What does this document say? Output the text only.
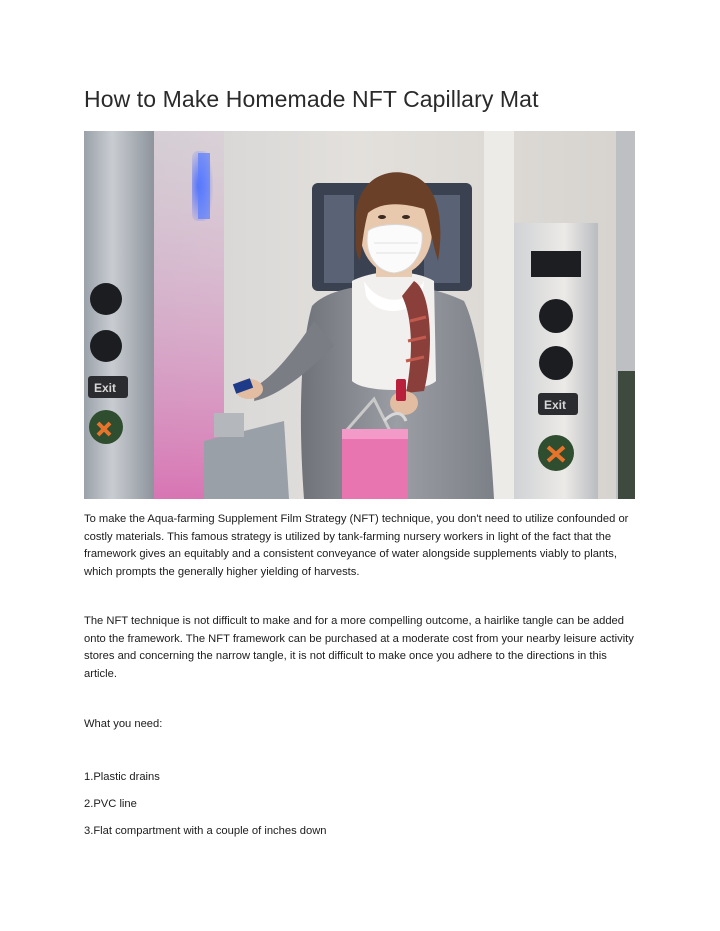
How to Make Homemade NFT Capillary Mat
Exit
Exit

To make the Aqua-farming Supplement Film Strategy (NFT) technique, you don't need to utilize confounded or costly materials. This famous strategy is utilized by tank-farming nursery workers in light of the fact that the framework gives an equitably and a consistent conveyance of water alongside supplements viably to plants, which prompts the generally higher yielding of harvests.

The NFT technique is not difficult to make and for a more compelling outcome, a hairlike tangle can be added onto the framework. The NFT framework can be purchased at a moderate cost from your nearby leisure activity stores and concerning the narrow tangle, it is not difficult to make once you adhere to the directions in this article.

What you need:

1.Plastic drains

2.PVC line

3.Flat compartment with a couple of inches down
